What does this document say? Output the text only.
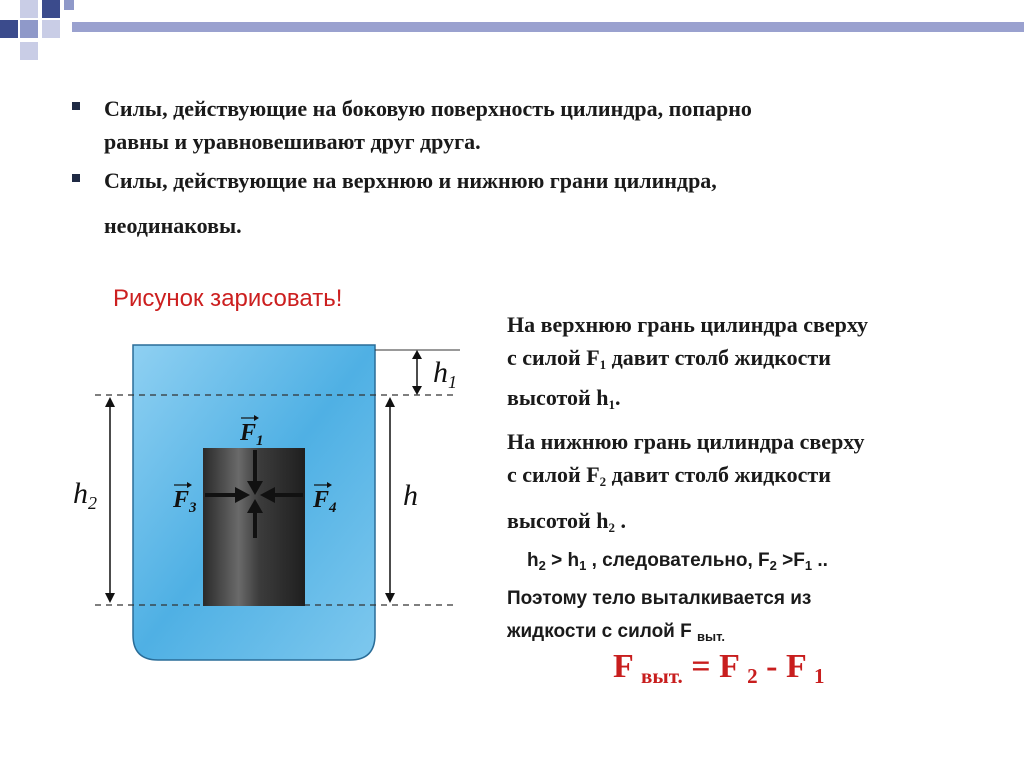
Силы, действующие на боковую поверхность цилиндра, попарно
равны и уравновешивают друг друга.
Силы, действующие на верхнюю и нижнюю грани цилиндра,
неодинаковы.
Рисунок зарисовать!
$h_1$
$h_2$	h
$F_1$
$F_3$	$F_4$

На верхнюю грань цилиндра сверху

с силой $F_1$ давит столб жидкости

высотой $h_1$.

На нижнюю грань цилиндра сверху

с силой $F_2$ давит столб жидкости

высотой $h_2$ .

$h_2 > h_1$ , следовательно, $F_2 >F_1$ ..

Поэтому тело выталкивается из

жидкости с силой F $_{выт.}$

F выт. = F 2 - F 1
